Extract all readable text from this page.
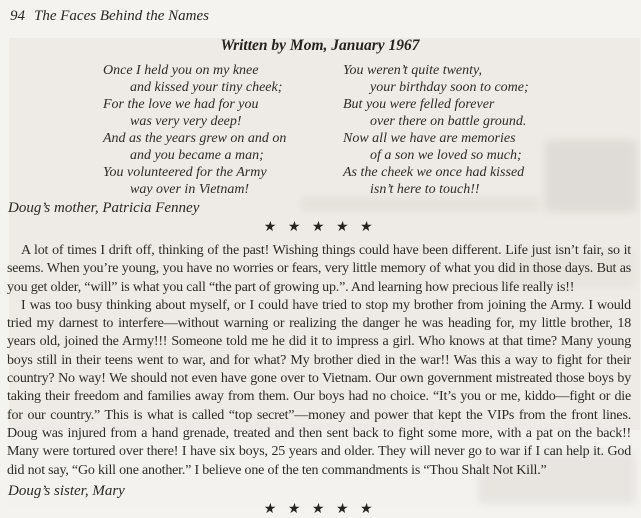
94 The Faces Behind the Names
Written by Mom, January 1967
Once I held you on my knee
and kissed your tiny cheek;
For the love we had for you
was very very deep!
And as the years grew on and on
and you became a man;
You volunteered for the Army
way over in Vietnam!
You weren’t quite twenty,
your birthday soon to come;
But you were felled forever
over there on battle ground.
Now all we have are memories
of a son we loved so much;
As the cheek we once had kissed
isn’t here to touch!!
Doug’s mother, Patricia Fenney
★ ★ ★ ★ ★

A lot of times I drift off, thinking of the past! Wishing things could have been different. Life just isn’t fair, so it seems. When you’re young, you have no worries or fears, very little memory of what you did in those days. But as you get older, “will” is what you call “the part of growing up.”. And learning how precious life really is!!

I was too busy thinking about myself, or I could have tried to stop my brother from joining the Army. I would tried my darnest to interfere—without warning or realizing the danger he was heading for, my little brother, 18 years old, joined the Army!!! Someone told me he did it to impress a girl. Who knows at that time? Many young boys still in their teens went to war, and for what? My brother died in the war!! Was this a way to fight for their country? No way! We should not even have gone over to Vietnam. Our own government mistreated those boys by taking their freedom and families away from them. Our boys had no choice. “It’s you or me, kiddo—fight or die for our country.” This is what is called “top secret”—money and power that kept the VIPs from the front lines. Doug was injured from a hand grenade, treated and then sent back to fight some more, with a pat on the back!! Many were tortured over there! I have six boys, 25 years and older. They will never go to war if I can help it. God did not say, “Go kill one another.” I believe one of the ten commandments is “Thou Shalt Not Kill.”

Doug’s sister, Mary
★ ★ ★ ★ ★
